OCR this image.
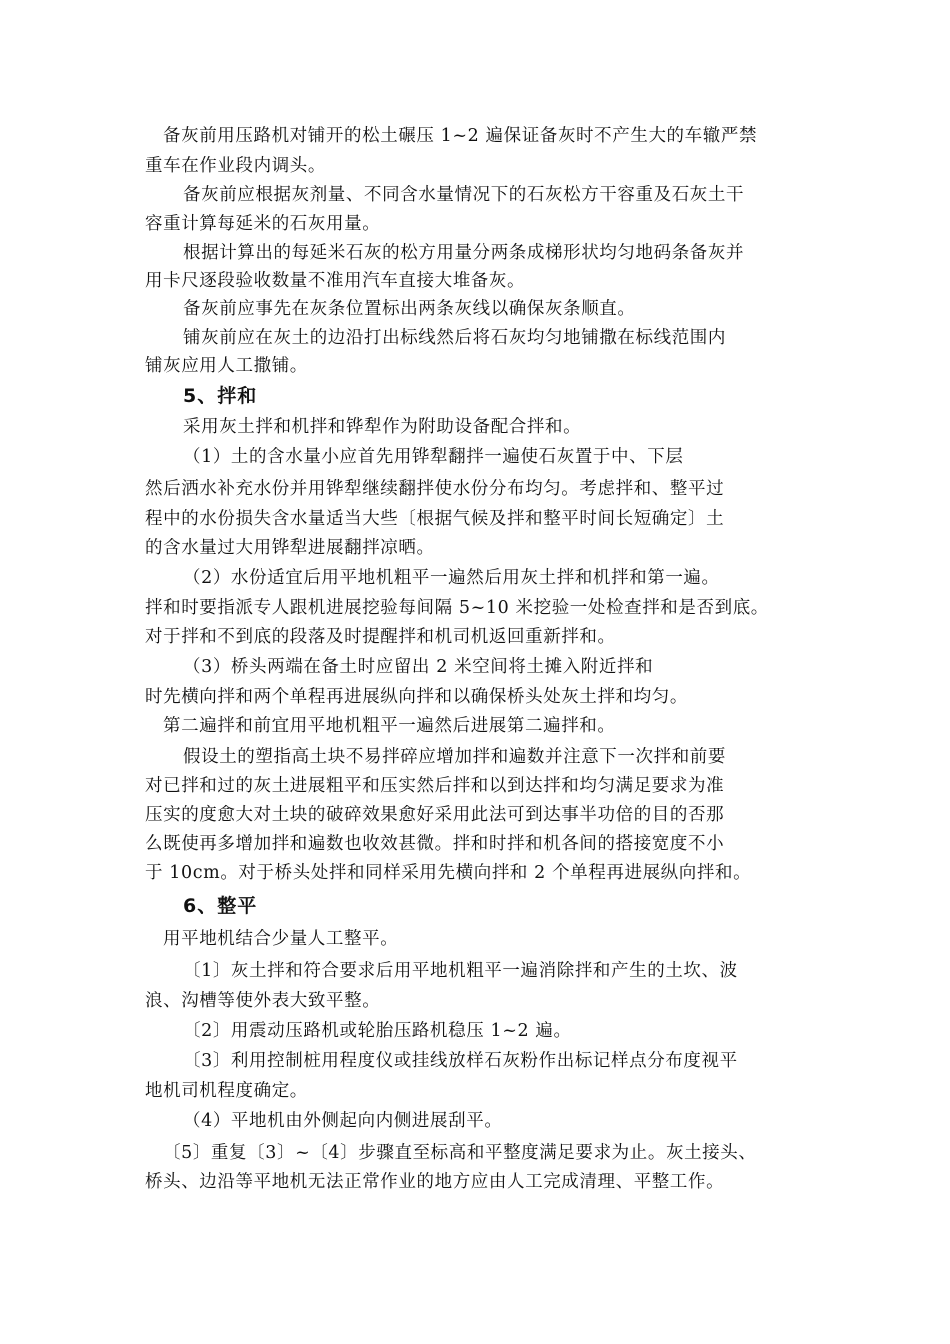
备灰前用压路机对铺开的松土碾压 1~2 遍保证备灰时不产生大的车辙严禁
重车在作业段内调头。
备灰前应根据灰剂量、不同含水量情况下的石灰松方干容重及石灰土干
容重计算每延米的石灰用量。
根据计算出的每延米石灰的松方用量分两条成梯形状均匀地码条备灰并
用卡尺逐段验收数量不准用汽车直接大堆备灰。
备灰前应事先在灰条位置标出两条灰线以确保灰条顺直。
铺灰前应在灰土的边沿打出标线然后将石灰均匀地铺撒在标线范围内
铺灰应用人工撒铺。
5、拌和
采用灰土拌和机拌和铧犁作为附助设备配合拌和。
（1）土的含水量小应首先用铧犁翻拌一遍使石灰置于中、下层
然后洒水补充水份并用铧犁继续翻拌使水份分布均匀。考虑拌和、整平过
程中的水份损失含水量适当大些〔根据气候及拌和整平时间长短确定〕土
的含水量过大用铧犁进展翻拌凉晒。
（2）水份适宜后用平地机粗平一遍然后用灰土拌和机拌和第一遍。
拌和时要指派专人跟机进展挖验每间隔 5~10 米挖验一处检查拌和是否到底。
对于拌和不到底的段落及时提醒拌和机司机返回重新拌和。
（3）桥头两端在备土时应留出 2 米空间将土摊入附近拌和
时先横向拌和两个单程再进展纵向拌和以确保桥头处灰土拌和均匀。
第二遍拌和前宜用平地机粗平一遍然后进展第二遍拌和。
假设土的塑指高土块不易拌碎应增加拌和遍数并注意下一次拌和前要
对已拌和过的灰土进展粗平和压实然后拌和以到达拌和均匀满足要求为准
压实的度愈大对土块的破碎效果愈好采用此法可到达事半功倍的目的否那
么既使再多增加拌和遍数也收效甚微。拌和时拌和机各间的搭接宽度不小
于 10cm。对于桥头处拌和同样采用先横向拌和 2 个单程再进展纵向拌和。
6、整平
用平地机结合少量人工整平。
〔1〕灰土拌和符合要求后用平地机粗平一遍消除拌和产生的土坎、波
浪、沟槽等使外表大致平整。
〔2〕用震动压路机或轮胎压路机稳压 1~2 遍。
〔3〕利用控制桩用程度仪或挂线放样石灰粉作出标记样点分布度视平
地机司机程度确定。
（4）平地机由外侧起向内侧进展刮平。
〔5〕重复〔3〕~〔4〕步骤直至标高和平整度满足要求为止。灰土接头、
桥头、边沿等平地机无法正常作业的地方应由人工完成清理、平整工作。
